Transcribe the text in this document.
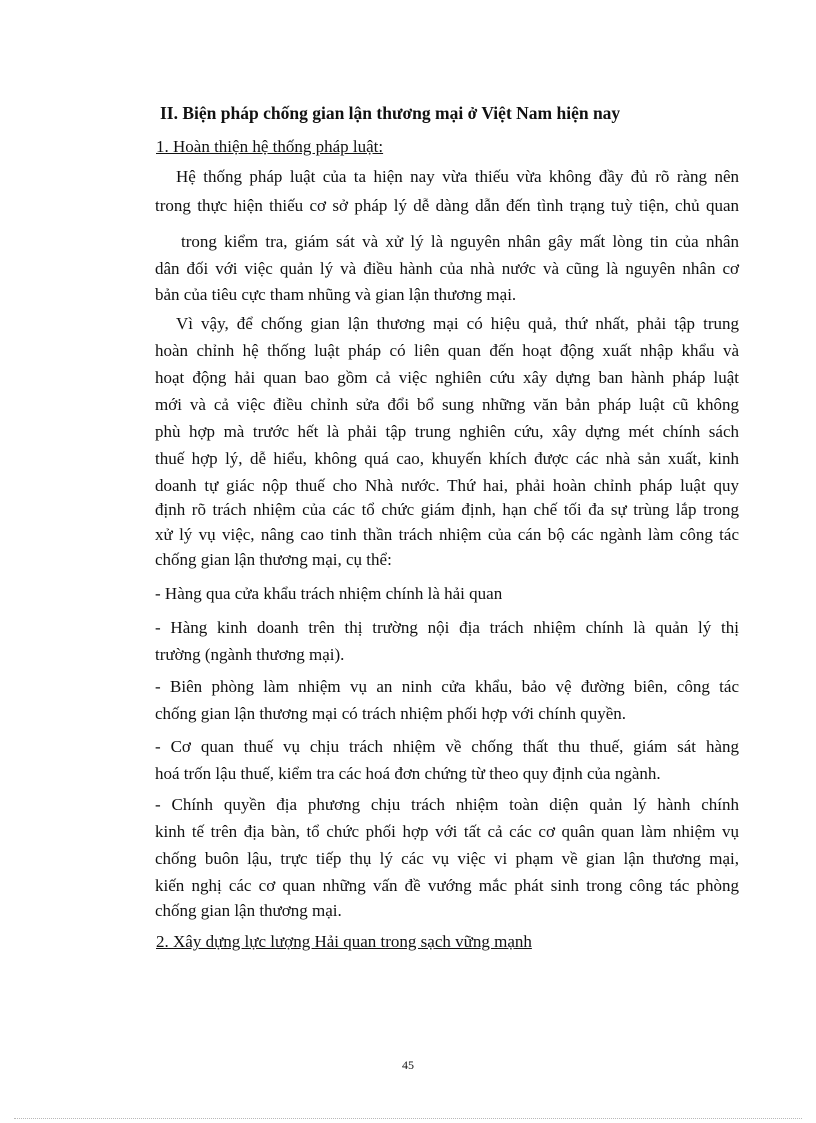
II. Biện pháp chống gian lận thương mại ở Việt Nam hiện nay
1. Hoàn thiện hệ thống pháp luật:
Hệ thống pháp luật của ta hiện nay vừa thiếu vừa không đầy đủ rõ ràng nên
trong thực hiện thiếu cơ sở pháp lý dễ dàng dẫn đến tình trạng tuỳ tiện, chủ quan
trong kiểm tra, giám sát và xử lý là nguyên nhân gây mất lòng tin của nhân
dân đối với việc quản lý và điều hành của nhà nước và cũng là nguyên nhân cơ
bản của tiêu cực tham nhũng và gian lận thương mại.
Vì vậy, để chống gian lận thương mại có hiệu quả, thứ nhất, phải tập trung
hoàn chỉnh hệ thống luật pháp có liên quan đến hoạt động xuất nhập khẩu và
hoạt động hải quan bao gồm cả việc nghiên cứu xây dựng ban hành pháp luật
mới và cả việc điều chỉnh sửa đổi bổ sung những văn bản pháp luật cũ không
phù hợp mà trước hết là phải tập trung nghiên cứu, xây dựng mét chính sách
thuế hợp lý, dễ hiểu, không quá cao, khuyến khích được các nhà sản xuất, kinh
doanh tự giác nộp thuế cho Nhà nước. Thứ hai, phải hoàn chỉnh pháp luật quy
định rõ trách nhiệm của các tổ chức giám định, hạn chế tối đa sự trùng lắp trong
xử lý vụ việc, nâng cao tinh thần trách nhiệm của cán bộ các ngành làm công tác
chống gian lận thương mại, cụ thể:
- Hàng qua cửa khẩu trách nhiệm chính là hải quan
- Hàng kinh doanh trên thị trường nội địa trách nhiệm chính là quản lý thị
trường (ngành thương mại).
- Biên phòng làm nhiệm vụ an ninh cửa khẩu, bảo vệ đường biên, công tác
chống gian lận thương mại có trách nhiệm phối hợp với chính quyền.
- Cơ quan thuế vụ chịu trách nhiệm về chống thất thu thuế, giám sát hàng
hoá trốn lậu thuế, kiểm tra các hoá đơn chứng từ theo quy định của ngành.
- Chính quyền địa phương chịu trách nhiệm toàn diện quản lý hành chính
kinh tế trên địa bàn, tổ chức phối hợp với tất cả các cơ quân quan làm nhiệm vụ
chống buôn lậu, trực tiếp thụ lý các vụ việc vi phạm về gian lận thương mại,
kiến nghị các cơ quan những vấn đề vướng mắc phát sinh trong công tác phòng
chống gian lận thương mại.
2. Xây dựng lực lượng Hải quan trong sạch vững mạnh
45
